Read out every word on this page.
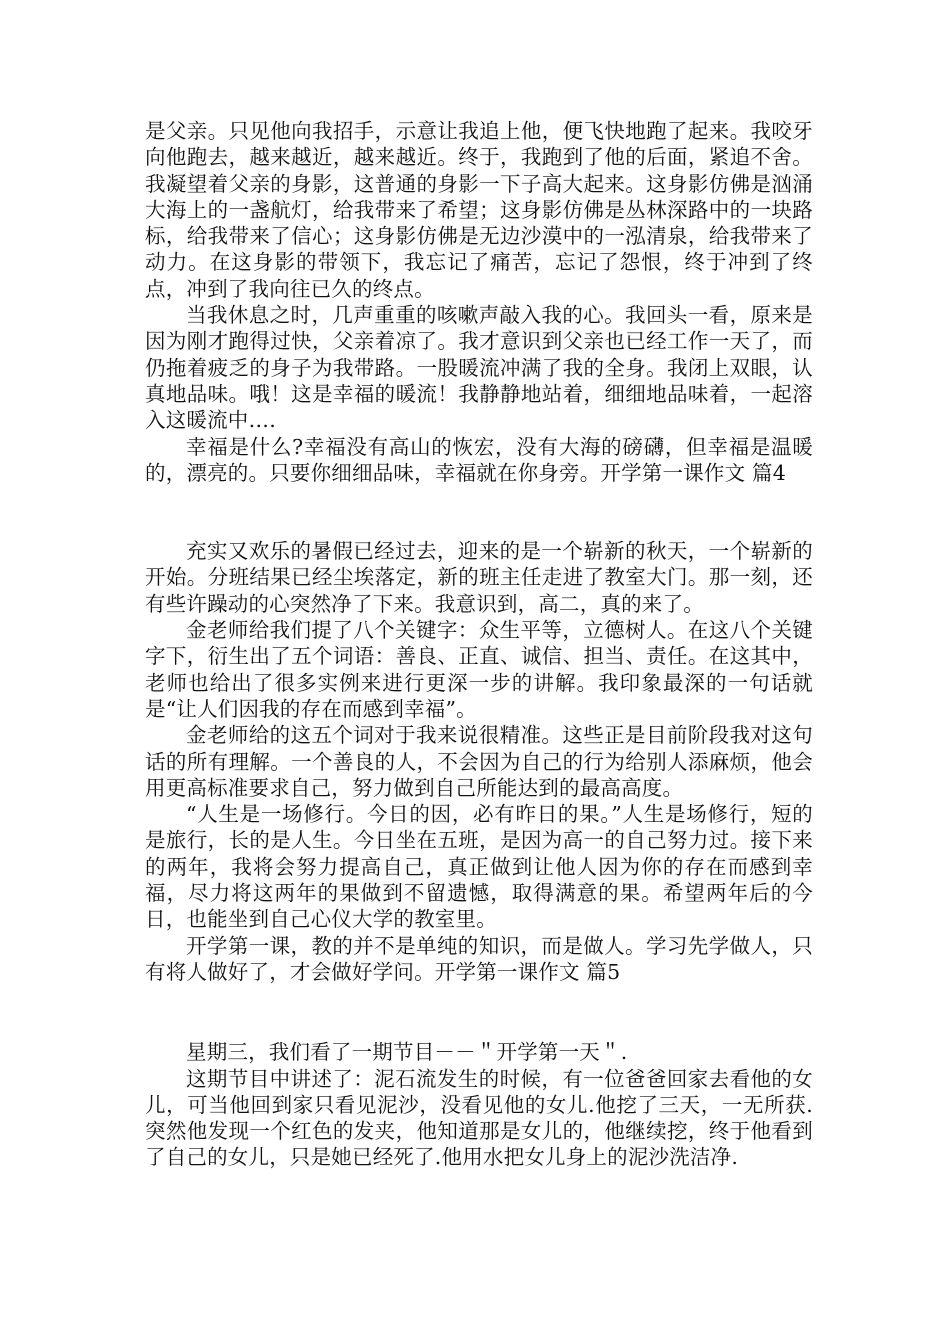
是父亲。只见他向我招手，示意让我追上他，便飞快地跑了起来。我咬牙向他跑去，越来越近，越来越近。终于，我跑到了他的后面，紧追不舍。我凝望着父亲的身影，这普通的身影一下子高大起来。这身影仿佛是汹涌大海上的一盏航灯，给我带来了希望；这身影仿佛是丛林深路中的一块路标，给我带来了信心；这身影仿佛是无边沙漠中的一泓清泉，给我带来了动力。在这身影的带领下，我忘记了痛苦，忘记了怨恨，终于冲到了终点，冲到了我向往已久的终点。

当我休息之时，几声重重的咳嗽声敲入我的心。我回头一看，原来是因为刚才跑得过快，父亲着凉了。我才意识到父亲也已经工作一天了，而仍拖着疲乏的身子为我带路。一股暖流冲满了我的全身。我闭上双眼，认真地品味。哦！这是幸福的暖流！我静静地站着，细细地品味着，一起溶入这暖流中….

幸福是什么?幸福没有高山的恢宏，没有大海的磅礴，但幸福是温暖的，漂亮的。只要你细细品味，幸福就在你身旁。开学第一课作文 篇4

充实又欢乐的暑假已经过去，迎来的是一个崭新的秋天，一个崭新的开始。分班结果已经尘埃落定，新的班主任走进了教室大门。那一刻，还有些许躁动的心突然净了下来。我意识到，高二，真的来了。

金老师给我们提了八个关键字：众生平等，立德树人。在这八个关键字下，衍生出了五个词语：善良、正直、诚信、担当、责任。在这其中，老师也给出了很多实例来进行更深一步的讲解。我印象最深的一句话就是“让人们因我的存在而感到幸福”。

金老师给的这五个词对于我来说很精准。这些正是目前阶段我对这句话的所有理解。一个善良的人，不会因为自己的行为给别人添麻烦，他会用更高标准要求自己，努力做到自己所能达到的最高高度。

“人生是一场修行。今日的因，必有昨日的果。”人生是场修行，短的是旅行，长的是人生。今日坐在五班，是因为高一的自己努力过。接下来的两年，我将会努力提高自己，真正做到让他人因为你的存在而感到幸福，尽力将这两年的果做到不留遗憾，取得满意的果。希望两年后的今日，也能坐到自己心仪大学的教室里。

开学第一课，教的并不是单纯的知识，而是做人。学习先学做人，只有将人做好了，才会做好学问。开学第一课作文 篇5

星期三，我们看了一期节目－－＂开学第一天＂.

这期节目中讲述了：泥石流发生的时候，有一位爸爸回家去看他的女儿，可当他回到家只看见泥沙，没看见他的女儿.他挖了三天，一无所获.突然他发现一个红色的发夹，他知道那是女儿的，他继续挖，终于他看到了自己的女儿，只是她已经死了.他用水把女儿身上的泥沙洗洁净.
